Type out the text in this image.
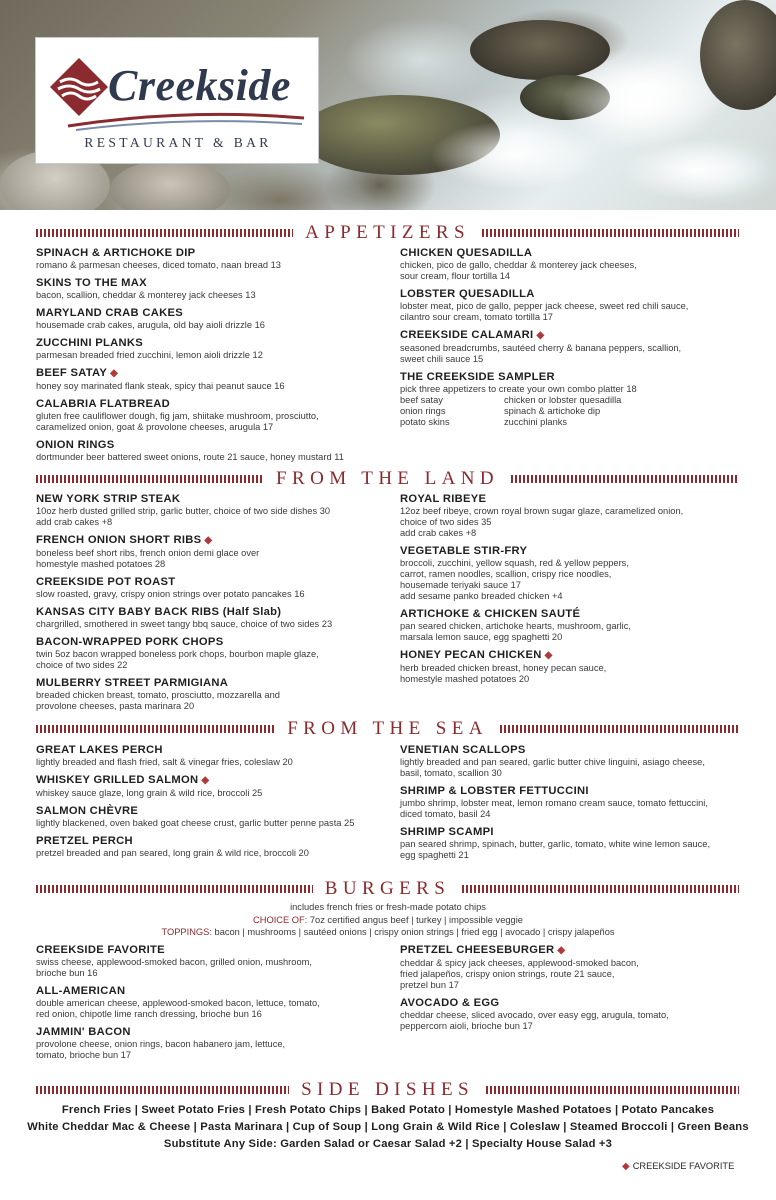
Creekside
RESTAURANT & BAR
APPETIZERS
SPINACH & ARTICHOKE DIP
romano & parmesan cheeses, diced tomato, naan bread 13
SKINS TO THE MAX
bacon, scallion, cheddar & monterey jack cheeses 13
MARYLAND CRAB CAKES
housemade crab cakes, arugula, old bay aioli drizzle 16
ZUCCHINI PLANKS
parmesan breaded fried zucchini, lemon aioli drizzle 12
BEEF SATAY ◆
honey soy marinated flank steak, spicy thai peanut sauce 16
CALABRIA FLATBREAD
gluten free cauliflower dough, fig jam, shiitake mushroom, prosciutto,
caramelized onion, goat & provolone cheeses, arugula 17
ONION RINGS
dortmunder beer battered sweet onions, route 21 sauce, honey mustard 11
CHICKEN QUESADILLA
chicken, pico de gallo, cheddar & monterey jack cheeses,
sour cream, flour tortilla 14
LOBSTER QUESADILLA
lobster meat, pico de gallo, pepper jack cheese, sweet red chili sauce,
cilantro sour cream, tomato tortilla 17
CREEKSIDE CALAMARI ◆
seasoned breadcrumbs, sautéed cherry & banana peppers, scallion,
sweet chili sauce 15
THE CREEKSIDE SAMPLER
pick three appetizers to create your own combo platter 18
beef satay	chicken or lobster quesadilla
onion rings	spinach & artichoke dip
potato skins	zucchini planks
FROM THE LAND
NEW YORK STRIP STEAK
10oz herb dusted grilled strip, garlic butter, choice of two side dishes 30
add crab cakes +8
FRENCH ONION SHORT RIBS ◆
boneless beef short ribs, french onion demi glace over
homestyle mashed potatoes 28
CREEKSIDE POT ROAST
slow roasted, gravy, crispy onion strings over potato pancakes 16
KANSAS CITY BABY BACK RIBS (Half Slab)
chargrilled, smothered in sweet tangy bbq sauce, choice of two sides 23
BACON-WRAPPED PORK CHOPS
twin 5oz bacon wrapped boneless pork chops, bourbon maple glaze,
choice of two sides 22
MULBERRY STREET PARMIGIANA
breaded chicken breast, tomato, prosciutto, mozzarella and
provolone cheeses, pasta marinara 20
ROYAL RIBEYE
12oz beef ribeye, crown royal brown sugar glaze, caramelized onion,
choice of two sides 35
add crab cakes +8
VEGETABLE STIR-FRY
broccoli, zucchini, yellow squash, red & yellow peppers,
carrot, ramen noodles, scallion, crispy rice noodles,
housemade teriyaki sauce 17
add sesame panko breaded chicken +4
ARTICHOKE & CHICKEN SAUTÉ
pan seared chicken, artichoke hearts, mushroom, garlic,
marsala lemon sauce, egg spaghetti 20
HONEY PECAN CHICKEN ◆
herb breaded chicken breast, honey pecan sauce,
homestyle mashed potatoes 20
FROM THE SEA
GREAT LAKES PERCH
lightly breaded and flash fried, salt & vinegar fries, coleslaw 20
WHISKEY GRILLED SALMON ◆
whiskey sauce glaze, long grain & wild rice, broccoli 25
SALMON CHÈVRE
lightly blackened, oven baked goat cheese crust, garlic butter penne pasta 25
PRETZEL PERCH
pretzel breaded and pan seared, long grain & wild rice, broccoli 20
VENETIAN SCALLOPS
lightly breaded and pan seared, garlic butter chive linguini, asiago cheese,
basil, tomato, scallion 30
SHRIMP & LOBSTER FETTUCCINI
jumbo shrimp, lobster meat, lemon romano cream sauce, tomato fettuccini,
diced tomato, basil 24
SHRIMP SCAMPI
pan seared shrimp, spinach, butter, garlic, tomato, white wine lemon sauce,
egg spaghetti 21
BURGERS
includes french fries or fresh-made potato chips
CHOICE OF: 7oz certified angus beef | turkey | impossible veggie
TOPPINGS: bacon | mushrooms | sautéed onions | crispy onion strings | fried egg | avocado | crispy jalapeños
CREEKSIDE FAVORITE
swiss cheese, applewood-smoked bacon, grilled onion, mushroom,
brioche bun 16
ALL-AMERICAN
double american cheese, applewood-smoked bacon, lettuce, tomato,
red onion, chipotle lime ranch dressing, brioche bun 16
JAMMIN' BACON
provolone cheese, onion rings, bacon habanero jam, lettuce,
tomato, brioche bun 17
PRETZEL CHEESEBURGER ◆
cheddar & spicy jack cheeses, applewood-smoked bacon,
fried jalapeños, crispy onion strings, route 21 sauce,
pretzel bun 17
AVOCADO & EGG
cheddar cheese, sliced avocado, over easy egg, arugula, tomato,
peppercorn aioli, brioche bun 17
SIDE DISHES
French Fries | Sweet Potato Fries | Fresh Potato Chips | Baked Potato | Homestyle Mashed Potatoes | Potato Pancakes
White Cheddar Mac & Cheese | Pasta Marinara | Cup of Soup | Long Grain & Wild Rice | Coleslaw | Steamed Broccoli | Green Beans
Substitute Any Side: Garden Salad or Caesar Salad +2 | Specialty House Salad +3
◆ CREEKSIDE FAVORITE
